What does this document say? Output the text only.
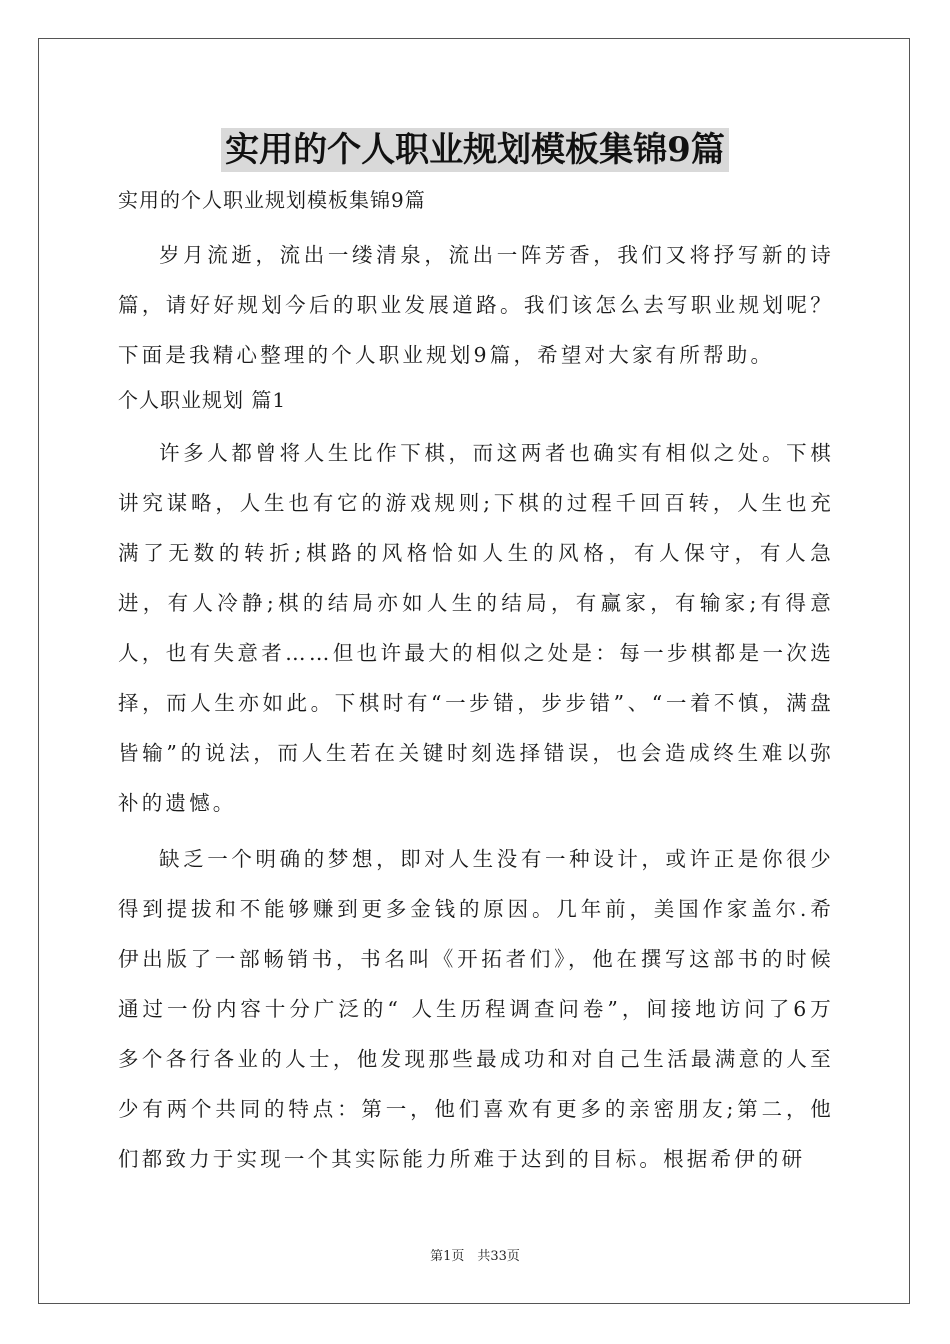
实用的个人职业规划模板集锦9篇

实用的个人职业规划模板集锦9篇

岁月流逝，流出一缕清泉，流出一阵芳香，我们又将抒写新的诗篇，请好好规划今后的职业发展道路。我们该怎么去写职业规划呢？下面是我精心整理的个人职业规划9篇，希望对大家有所帮助。

个人职业规划 篇1

许多人都曾将人生比作下棋，而这两者也确实有相似之处。下棋讲究谋略，人生也有它的游戏规则;下棋的过程千回百转，人生也充满了无数的转折;棋路的风格恰如人生的风格，有人保守，有人急进，有人冷静;棋的结局亦如人生的结局，有赢家，有输家;有得意人，也有失意者……但也许最大的相似之处是：每一步棋都是一次选择，而人生亦如此。下棋时有“一步错，步步错”、“一着不慎，满盘皆输”的说法，而人生若在关键时刻选择错误，也会造成终生难以弥补的遗憾。

缺乏一个明确的梦想，即对人生没有一种设计，或许正是你很少得到提拔和不能够赚到更多金钱的原因。几年前，美国作家盖尔.希伊出版了一部畅销书，书名叫《开拓者们》，他在撰写这部书的时候通过一份内容十分广泛的“ 人生历程调查问卷”，间接地访问了6万多个各行各业的人士，他发现那些最成功和对自己生活最满意的人至少有两个共同的特点：第一，他们喜欢有更多的亲密朋友;第二，他们都致力于实现一个其实际能力所难于达到的目标。根据希伊的研

第1页　共33页
